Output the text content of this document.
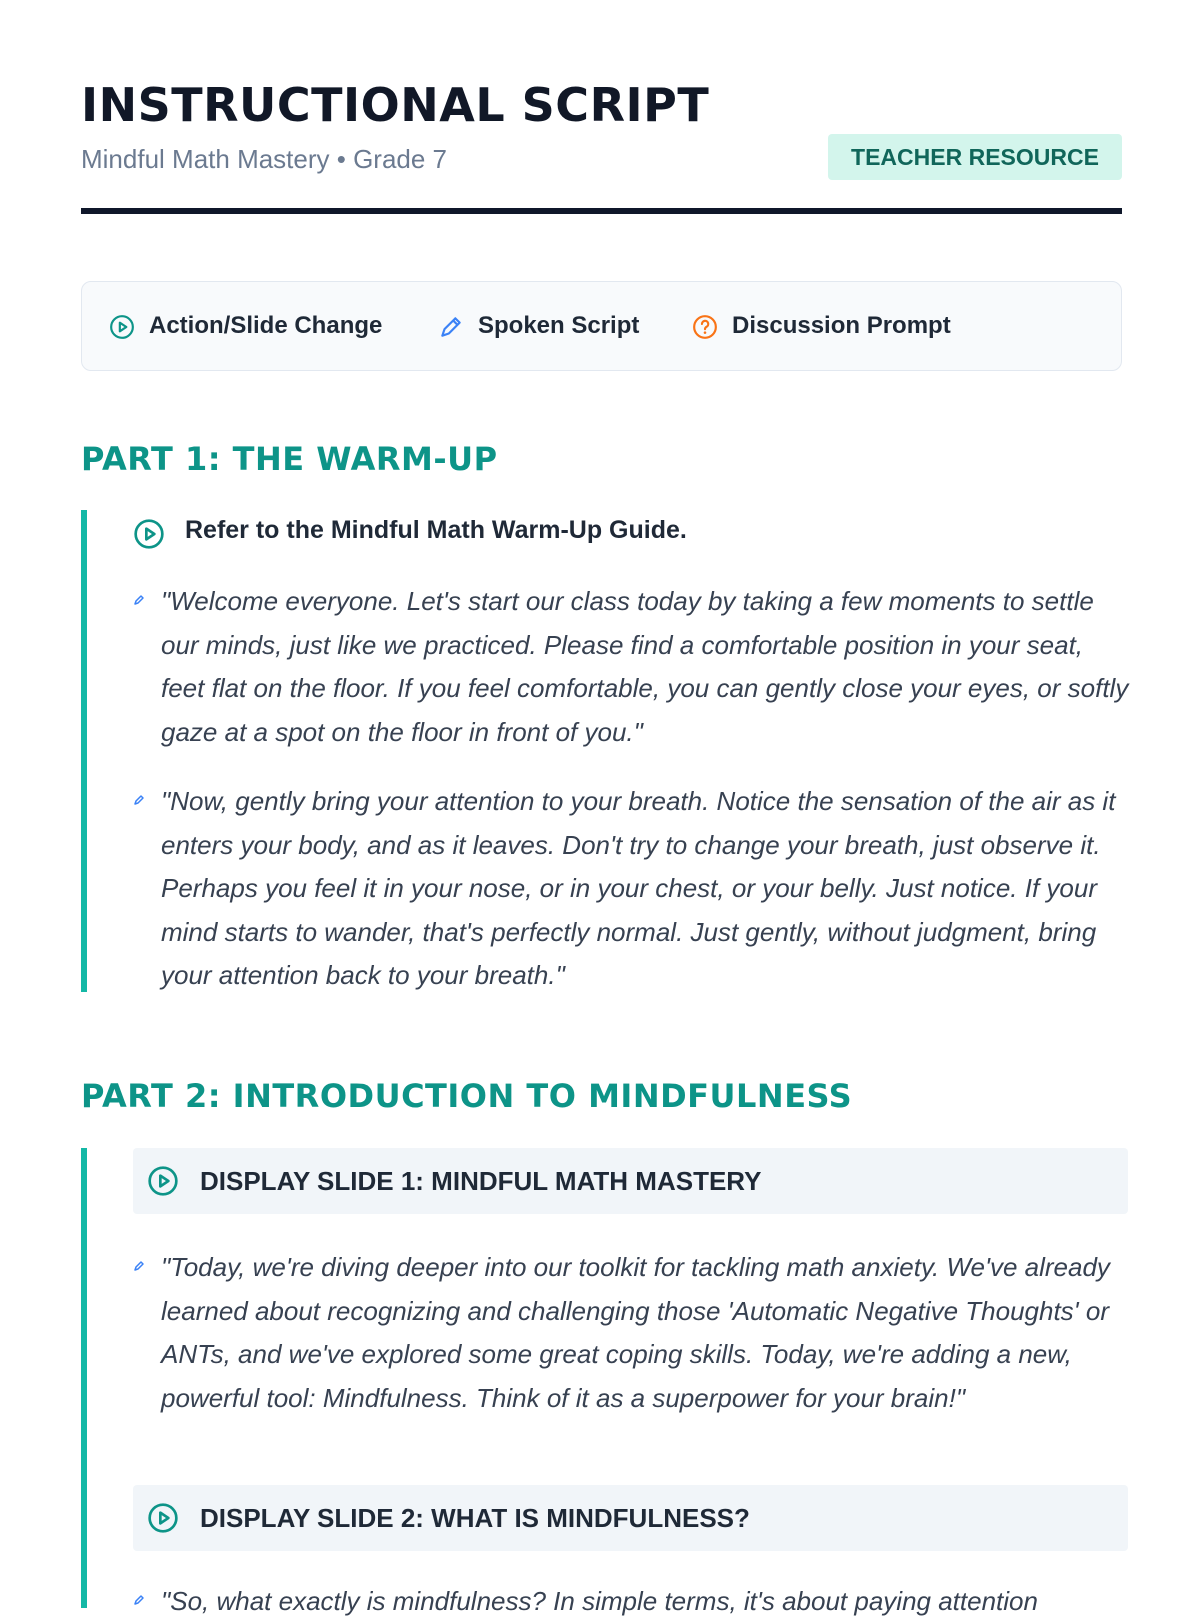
INSTRUCTIONAL SCRIPT
Mindful Math Mastery • Grade 7	TEACHER RESOURCE
Action/Slide Change	Spoken Script	Discussion Prompt
PART 1: THE WARM-UP
Refer to the Mindful Math Warm-Up Guide.

"Welcome everyone. Let's start our class today by taking a few moments to settle our minds, just like we practiced. Please find a comfortable position in your seat, feet flat on the floor. If you feel comfortable, you can gently close your eyes, or softly gaze at a spot on the floor in front of you."

"Now, gently bring your attention to your breath. Notice the sensation of the air as it enters your body, and as it leaves. Don't try to change your breath, just observe it. Perhaps you feel it in your nose, or in your chest, or your belly. Just notice. If your mind starts to wander, that's perfectly normal. Just gently, without judgment, bring your attention back to your breath."

PART 2: INTRODUCTION TO MINDFULNESS
DISPLAY SLIDE 1: MINDFUL MATH MASTERY

"Today, we're diving deeper into our toolkit for tackling math anxiety. We've already learned about recognizing and challenging those 'Automatic Negative Thoughts' or ANTs, and we've explored some great coping skills. Today, we're adding a new, powerful tool: Mindfulness. Think of it as a superpower for your brain!"

DISPLAY SLIDE 2: WHAT IS MINDFULNESS?

"So, what exactly is mindfulness? In simple terms, it's about paying attention
